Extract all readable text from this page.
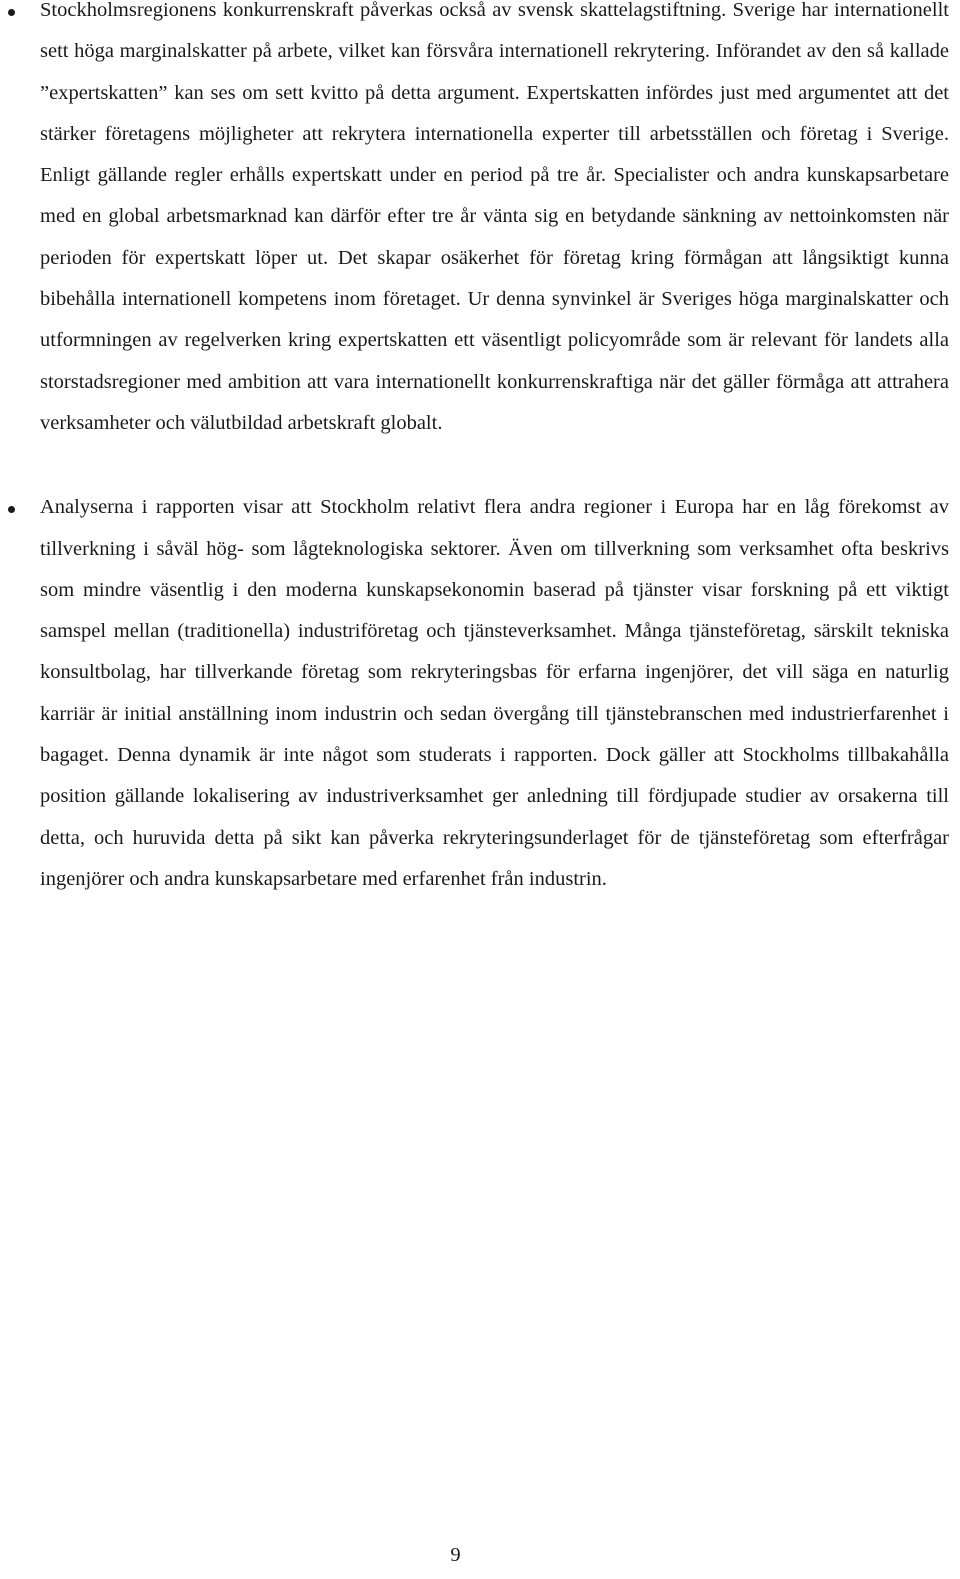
Stockholmsregionens konkurrenskraft påverkas också av svensk skattelagstiftning. Sverige har internationellt sett höga marginalskatter på arbete, vilket kan försvåra internationell rekrytering. Införandet av den så kallade ”expertskatten” kan ses om sett kvitto på detta argument. Expertskatten infördes just med argumentet att det stärker företagens möjligheter att rekrytera internationella experter till arbetsställen och företag i Sverige. Enligt gällande regler erhålls expertskatt under en period på tre år. Specialister och andra kunskapsarbetare med en global arbetsmarknad kan därför efter tre år vänta sig en betydande sänkning av nettoinkomsten när perioden för expertskatt löper ut. Det skapar osäkerhet för företag kring förmågan att långsiktigt kunna bibehålla internationell kompetens inom företaget. Ur denna synvinkel är Sveriges höga marginalskatter och utformningen av regelverken kring expertskatten ett väsentligt policyområde som är relevant för landets alla storstadsregioner med ambition att vara internationellt konkurrenskraftiga när det gäller förmåga att attrahera verksamheter och välutbildad arbetskraft globalt.

Analyserna i rapporten visar att Stockholm relativt flera andra regioner i Europa har en låg förekomst av tillverkning i såväl hög- som lågteknologiska sektorer. Även om tillverkning som verksamhet ofta beskrivs som mindre väsentlig i den moderna kunskapsekonomin baserad på tjänster visar forskning på ett viktigt samspel mellan (traditionella) industriföretag och tjänsteverksamhet. Många tjänsteföretag, särskilt tekniska konsultbolag, har tillverkande företag som rekryteringsbas för erfarna ingenjörer, det vill säga en naturlig karriär är initial anställning inom industrin och sedan övergång till tjänstebranschen med industrierfarenhet i bagaget. Denna dynamik är inte något som studerats i rapporten. Dock gäller att Stockholms tillbakahålla position gällande lokalisering av industriverksamhet ger anledning till fördjupade studier av orsakerna till detta, och huruvida detta på sikt kan påverka rekryteringsunderlaget för de tjänsteföretag som efterfrågar ingenjörer och andra kunskapsarbetare med erfarenhet från industrin.

9
